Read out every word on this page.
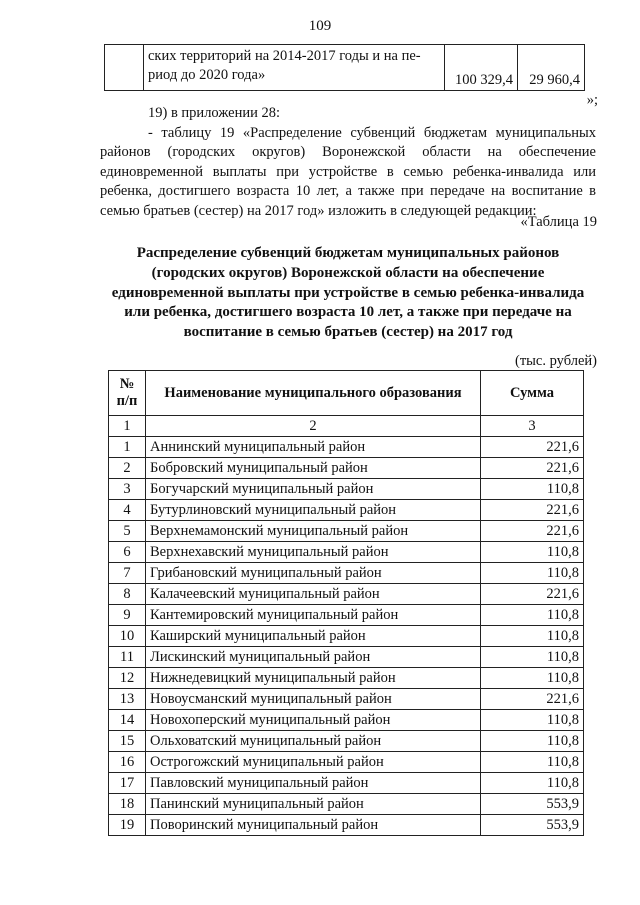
109

ских территорий на 2014-2017 годы и на пе-
риод до 2020 года»	100 329,4	29 960,4
»;

19) в приложении 28:

- таблицу 19 «Распределение субвенций бюджетам муниципальных районов (городских округов) Воронежской области на обеспечение единовременной выплаты при устройстве в семью ребенка-инвалида или ребенка, достигшего возраста 10 лет, а также при передаче на воспитание в семью братьев (сестер) на 2017 год» изложить в следующей редакции:

«Таблица 19
Распределение субвенций бюджетам муниципальных районов (городских округов) Воронежской области на обеспечение единовременной выплаты при устройстве в семью ребенка-инвалида или ребенка, достигшего возраста 10 лет, а также при передаче на воспитание в семью братьев (сестер) на 2017 год
(тыс. рублей)
№ п/п	Наименование муниципального образования	Сумма
1	2	3
1	Аннинский муниципальный район	221,6
2	Бобровский муниципальный район	221,6
3	Богучарский муниципальный район	110,8
4	Бутурлиновский муниципальный район	221,6
5	Верхнемамонский муниципальный район	221,6
6	Верхнехавский муниципальный район	110,8
7	Грибановский муниципальный район	110,8
8	Калачеевский муниципальный район	221,6
9	Кантемировский муниципальный район	110,8
10	Каширский муниципальный район	110,8
11	Лискинский муниципальный район	110,8
12	Нижнедевицкий муниципальный район	110,8
13	Новоусманский муниципальный район	221,6
14	Новохоперский муниципальный район	110,8
15	Ольховатский муниципальный район	110,8
16	Острогожский муниципальный район	110,8
17	Павловский муниципальный район	110,8
18	Панинский муниципальный район	553,9
19	Поворинский муниципальный район	553,9
